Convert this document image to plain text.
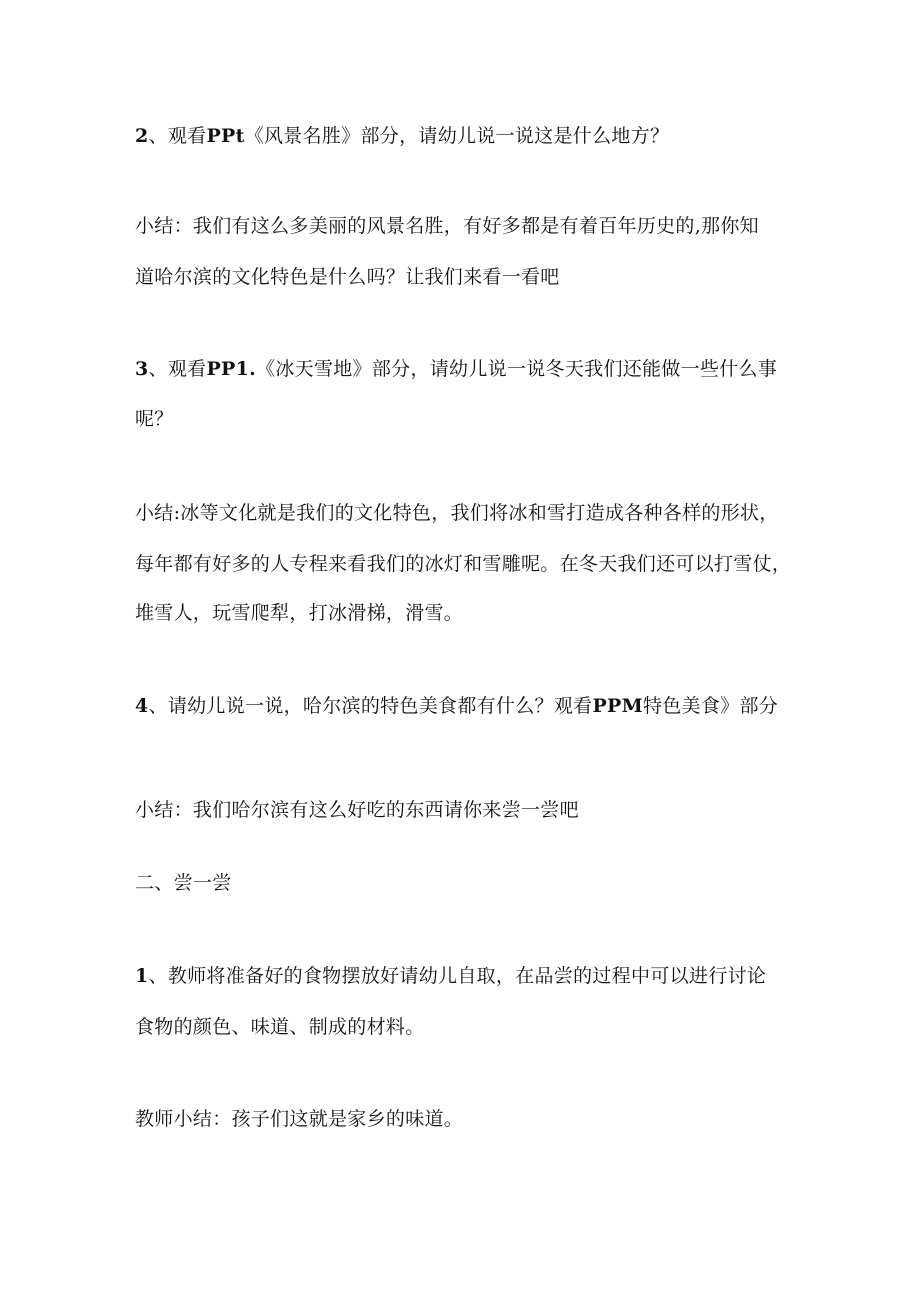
2、观看PPt《风景名胜》部分，请幼儿说一说这是什么地方？
小结：我们有这么多美丽的风景名胜，有好多都是有着百年历史的,那你知
道哈尔滨的文化特色是什么吗？让我们来看一看吧
3、观看PP1.《冰天雪地》部分，请幼儿说一说冬天我们还能做一些什么事
呢？
小结:冰等文化就是我们的文化特色，我们将冰和雪打造成各种各样的形状，
每年都有好多的人专程来看我们的冰灯和雪雕呢。在冬天我们还可以打雪仗，
堆雪人，玩雪爬犁，打冰滑梯，滑雪。
4、请幼儿说一说，哈尔滨的特色美食都有什么？观看PPM特色美食》部分
小结：我们哈尔滨有这么好吃的东西请你来尝一尝吧
二、尝一尝
1、教师将准备好的食物摆放好请幼儿自取，在品尝的过程中可以进行讨论
食物的颜色、味道、制成的材料。
教师小结：孩子们这就是家乡的味道。
